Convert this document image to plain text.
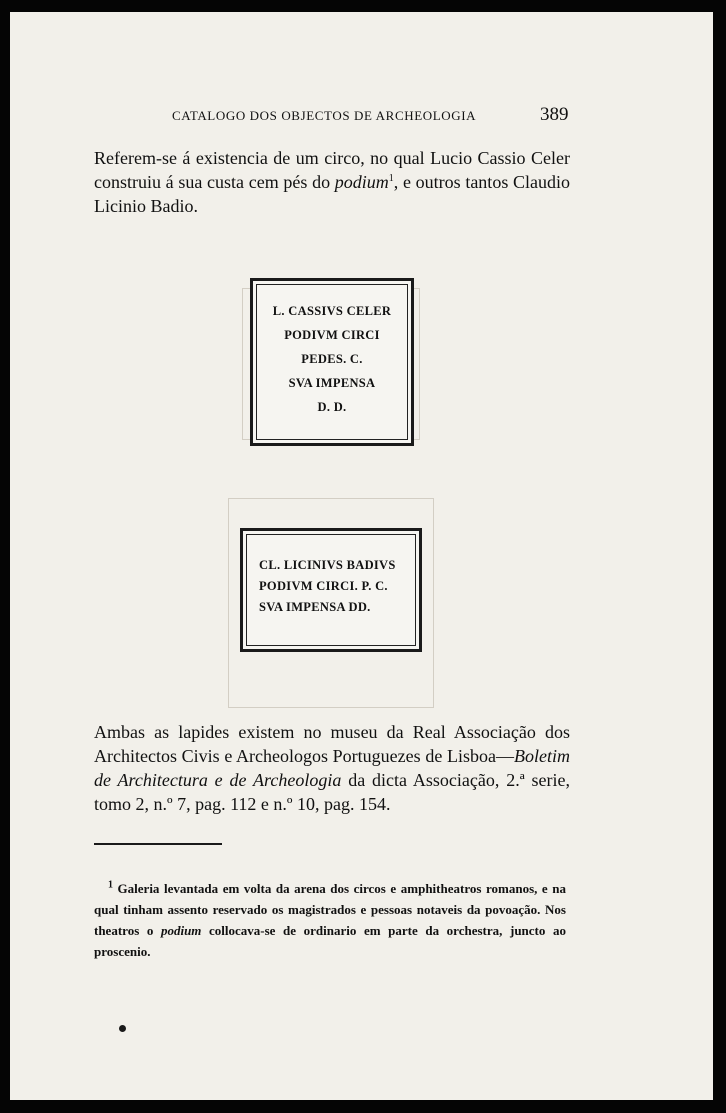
CATALOGO DOS OBJECTOS DE ARCHEOLOGIA	389

Referem-se á existencia de um circo, no qual Lucio Cassio Celer construiu á sua custa cem pés do podium$^1$, e outros tantos Claudio Licinio Badio.

L. CASSIVS CELER
PODIVM CIRCI
PEDES. C.
SVA IMPENSA
D. D.
CL. LICINIVS BADIVS
PODIVM CIRCI. P. C.
SVA IMPENSA DD.

Ambas as lapides existem no museu da Real Associação dos Architectos Civis e Archeologos Portuguezes de Lisboa—Boletim de Architectura e de Archeologia da dicta Associação, 2.ª serie, tomo 2, n.º 7, pag. 112 e n.º 10, pag. 154.

$^1$ Galeria levantada em volta da arena dos circos e amphitheatros romanos, e na qual tinham assento reservado os magistrados e pessoas notaveis da povoação. Nos theatros o podium collocava-se de ordinario em parte da orchestra, juncto ao proscenio.
